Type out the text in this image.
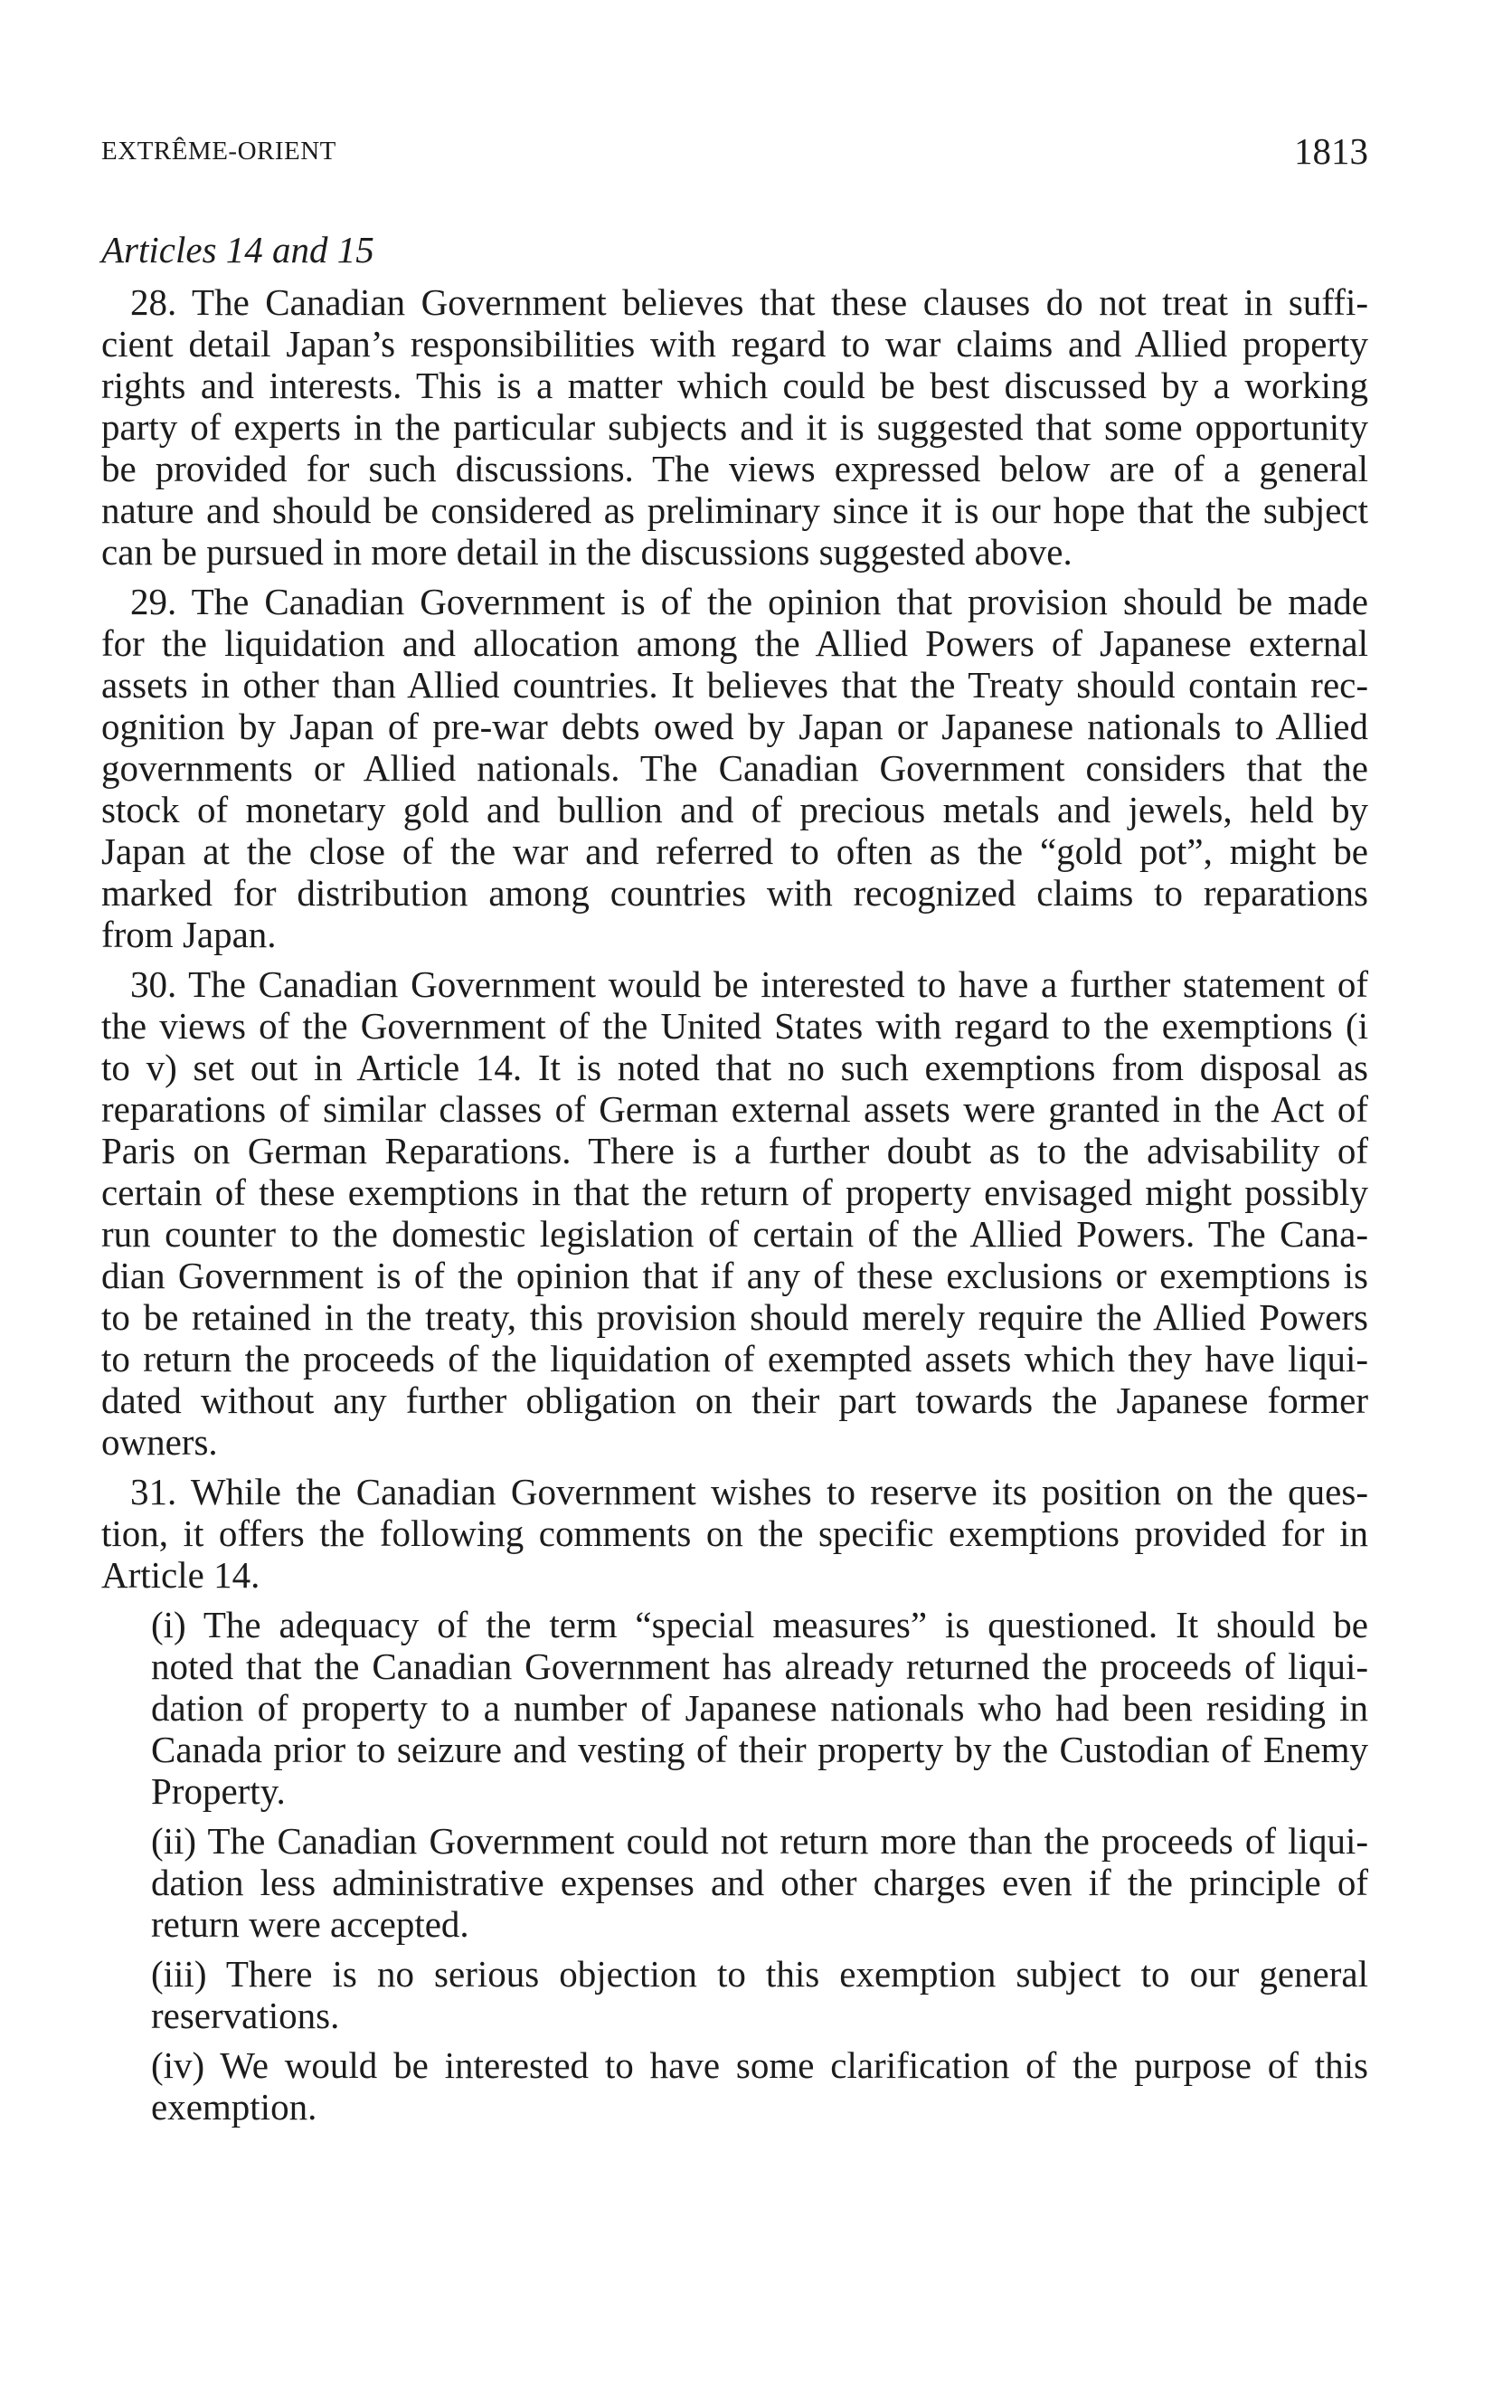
EXTRÊME-ORIENT	1813
Articles 14 and 15
28. The Canadian Government believes that these clauses do not treat in suffi-
cient detail Japan’s responsibilities with regard to war claims and Allied property
rights and interests. This is a matter which could be best discussed by a working
party of experts in the particular subjects and it is suggested that some opportunity
be provided for such discussions. The views expressed below are of a general
nature and should be considered as preliminary since it is our hope that the subject
can be pursued in more detail in the discussions suggested above.
29. The Canadian Government is of the opinion that provision should be made
for the liquidation and allocation among the Allied Powers of Japanese external
assets in other than Allied countries. It believes that the Treaty should contain rec-
ognition by Japan of pre-war debts owed by Japan or Japanese nationals to Allied
governments or Allied nationals. The Canadian Government considers that the
stock of monetary gold and bullion and of precious metals and jewels, held by
Japan at the close of the war and referred to often as the “gold pot”, might be
marked for distribution among countries with recognized claims to reparations
from Japan.
30. The Canadian Government would be interested to have a further statement of
the views of the Government of the United States with regard to the exemptions (i
to v) set out in Article 14. It is noted that no such exemptions from disposal as
reparations of similar classes of German external assets were granted in the Act of
Paris on German Reparations. There is a further doubt as to the advisability of
certain of these exemptions in that the return of property envisaged might possibly
run counter to the domestic legislation of certain of the Allied Powers. The Cana-
dian Government is of the opinion that if any of these exclusions or exemptions is
to be retained in the treaty, this provision should merely require the Allied Powers
to return the proceeds of the liquidation of exempted assets which they have liqui-
dated without any further obligation on their part towards the Japanese former
owners.
31. While the Canadian Government wishes to reserve its position on the ques-
tion, it offers the following comments on the specific exemptions provided for in
Article 14.
(i) The adequacy of the term “special measures” is questioned. It should be
noted that the Canadian Government has already returned the proceeds of liqui-
dation of property to a number of Japanese nationals who had been residing in
Canada prior to seizure and vesting of their property by the Custodian of Enemy
Property.
(ii) The Canadian Government could not return more than the proceeds of liqui-
dation less administrative expenses and other charges even if the principle of
return were accepted.
(iii) There is no serious objection to this exemption subject to our general
reservations.
(iv) We would be interested to have some clarification of the purpose of this
exemption.
